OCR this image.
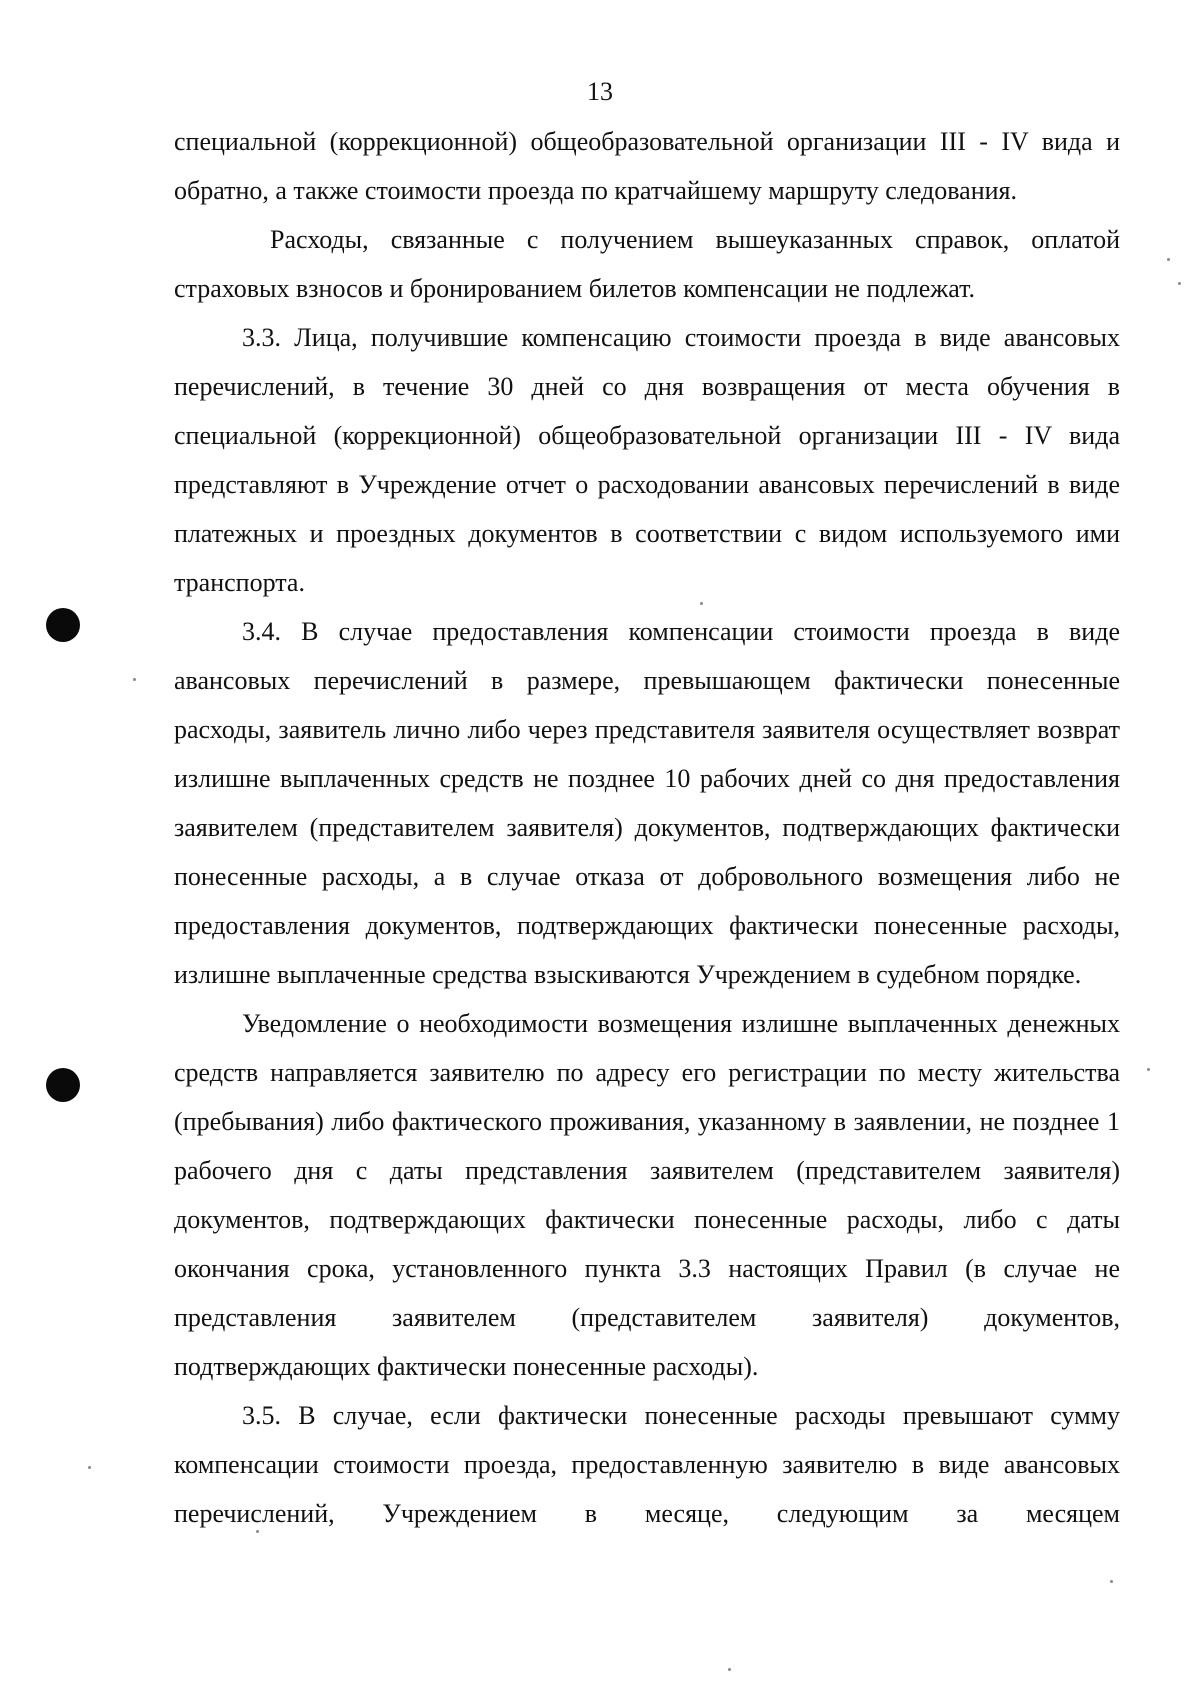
13

специальной (коррекционной) общеобразовательной организации III - IV вида и обратно, а также стоимости проезда по кратчайшему маршруту следования.

Расходы, связанные с получением вышеуказанных справок, оплатой страховых взносов и бронированием билетов компенсации не подлежат.

3.3. Лица, получившие компенсацию стоимости проезда в виде авансовых перечислений, в течение 30 дней со дня возвращения от места обучения в специальной (коррекционной) общеобразовательной организации III - IV вида представляют в Учреждение отчет о расходовании авансовых перечислений в виде платежных и проездных документов в соответствии с видом используемого ими транспорта.

3.4. В случае предоставления компенсации стоимости проезда в виде авансовых перечислений в размере, превышающем фактически понесенные расходы, заявитель лично либо через представителя заявителя осуществляет возврат излишне выплаченных средств не позднее 10 рабочих дней со дня предоставления заявителем (представителем заявителя) документов, подтверждающих фактически понесенные расходы, а в случае отказа от добровольного возмещения либо не предоставления документов, подтверждающих фактически понесенные расходы, излишне выплаченные средства взыскиваются Учреждением в судебном порядке.

Уведомление о необходимости возмещения излишне выплаченных денежных средств направляется заявителю по адресу его регистрации по месту жительства (пребывания) либо фактического проживания, указанному в заявлении, не позднее 1 рабочего дня с даты представления заявителем (представителем заявителя) документов, подтверждающих фактически понесенные расходы, либо с даты окончания срока, установленного пункта 3.3 настоящих Правил (в случае не представления заявителем (представителем заявителя) документов, подтверждающих фактически понесенные расходы).

3.5. В случае, если фактически понесенные расходы превышают сумму компенсации стоимости проезда, предоставленную заявителю в виде авансовых перечислений, Учреждением в месяце, следующим за месяцем
